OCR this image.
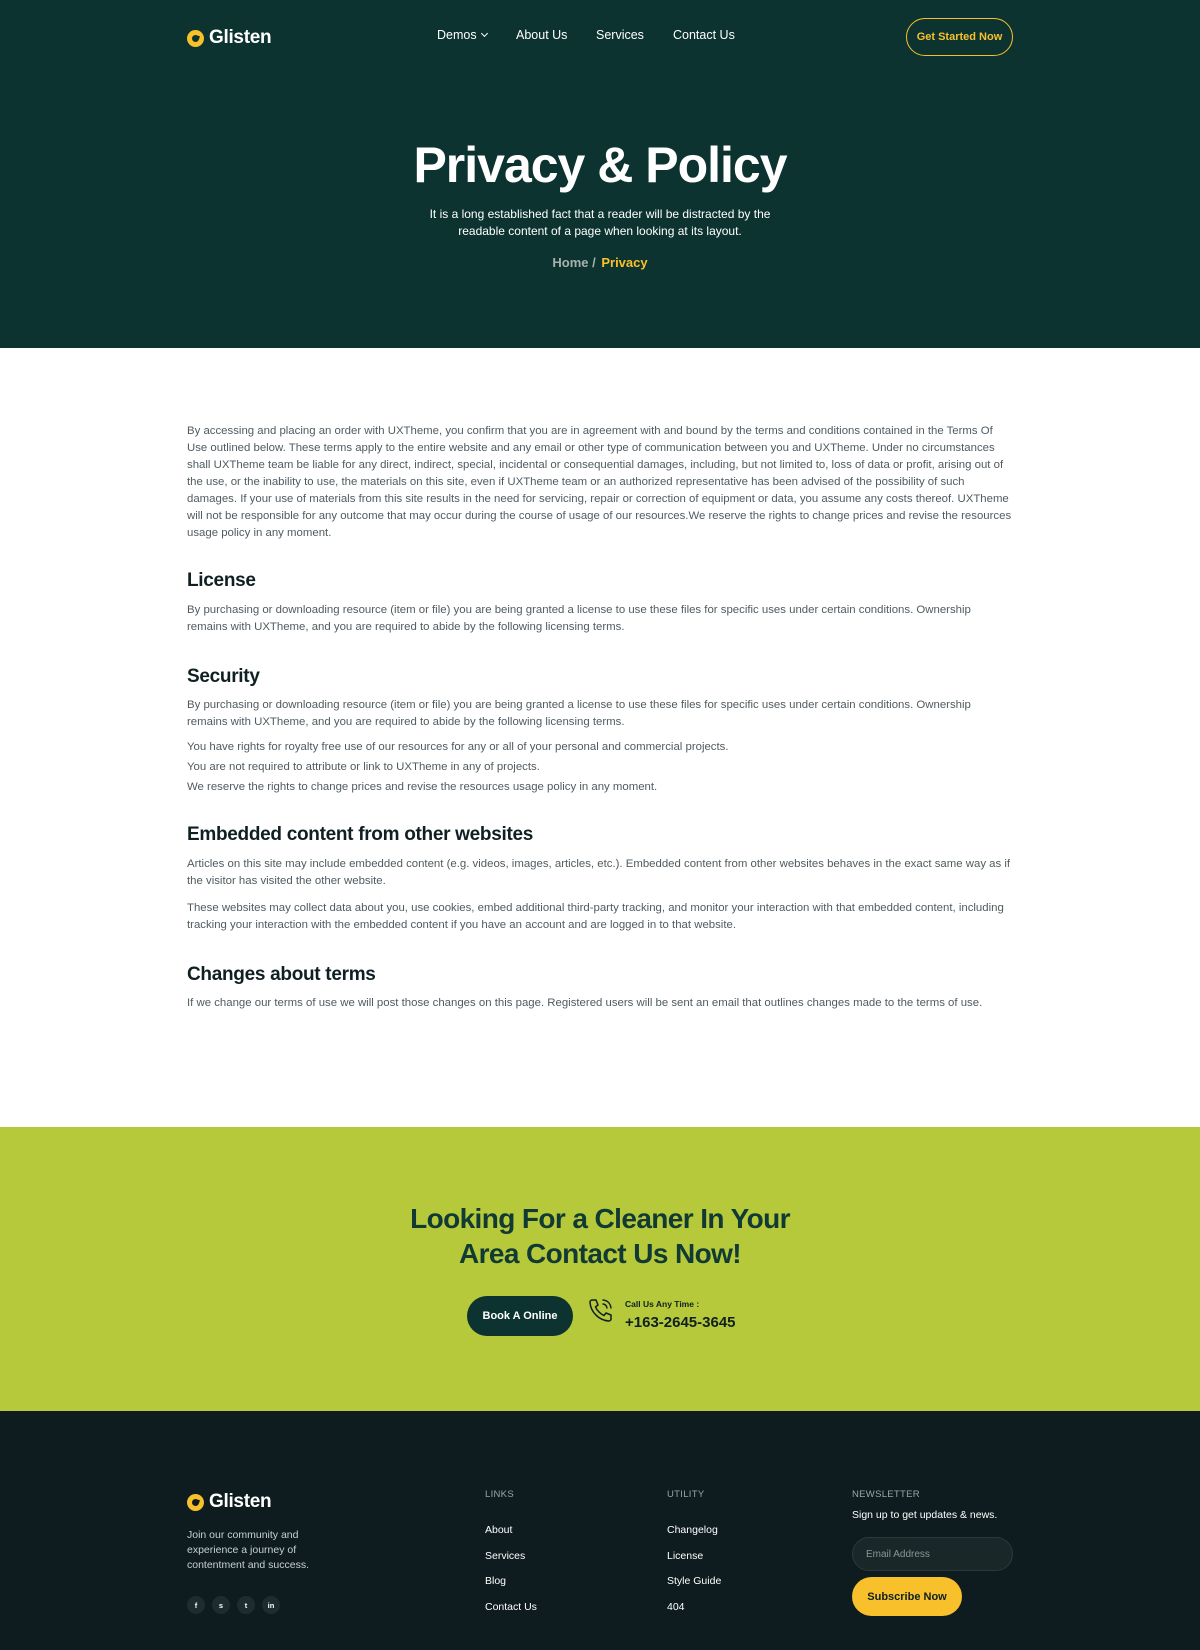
Glisten	Demos	About Us Services Contact Us	Get Started Now
Privacy & Policy

It is a long established fact that a reader will be distracted by the readable content of a page when looking at its layout.

Home / Privacy

By accessing and placing an order with UXTheme, you confirm that you are in agreement with and bound by the terms and conditions contained in the Terms Of Use outlined below. These terms apply to the entire website and any email or other type of communication between you and UXTheme. Under no circumstances shall UXTheme team be liable for any direct, indirect, special, incidental or consequential damages, including, but not limited to, loss of data or profit, arising out of the use, or the inability to use, the materials on this site, even if UXTheme team or an authorized representative has been advised of the possibility of such damages. If your use of materials from this site results in the need for servicing, repair or correction of equipment or data, you assume any costs thereof. UXTheme will not be responsible for any outcome that may occur during the course of usage of our resources.We reserve the rights to change prices and revise the resources usage policy in any moment.

License

By purchasing or downloading resource (item or file) you are being granted a license to use these files for specific uses under certain conditions. Ownership remains with UXTheme, and you are required to abide by the following licensing terms.

Security

By purchasing or downloading resource (item or file) you are being granted a license to use these files for specific uses under certain conditions. Ownership remains with UXTheme, and you are required to abide by the following licensing terms.

You have rights for royalty free use of our resources for any or all of your personal and commercial projects.

You are not required to attribute or link to UXTheme in any of projects.

We reserve the rights to change prices and revise the resources usage policy in any moment.

Embedded content from other websites

Articles on this site may include embedded content (e.g. videos, images, articles, etc.). Embedded content from other websites behaves in the exact same way as if the visitor has visited the other website.

These websites may collect data about you, use cookies, embed additional third-party tracking, and monitor your interaction with that embedded content, including tracking your interaction with the embedded content if you have an account and are logged in to that website.

Changes about terms

If we change our terms of use we will post those changes on this page. Registered users will be sent an email that outlines changes made to the terms of use.

Looking For a Cleaner In Your
Area Contact Us Now!
Book A Online
Call Us Any Time :
+163-2645-3645
Glisten

Join our community and experience a journey of contentment and success.

f	s	t	in
LINKS
About
Services
Blog
Contact Us
UTILITY
Changelog
License
Style Guide
404
NEWSLETTER
Sign up to get updates & news.
Email Address
Subscribe Now
